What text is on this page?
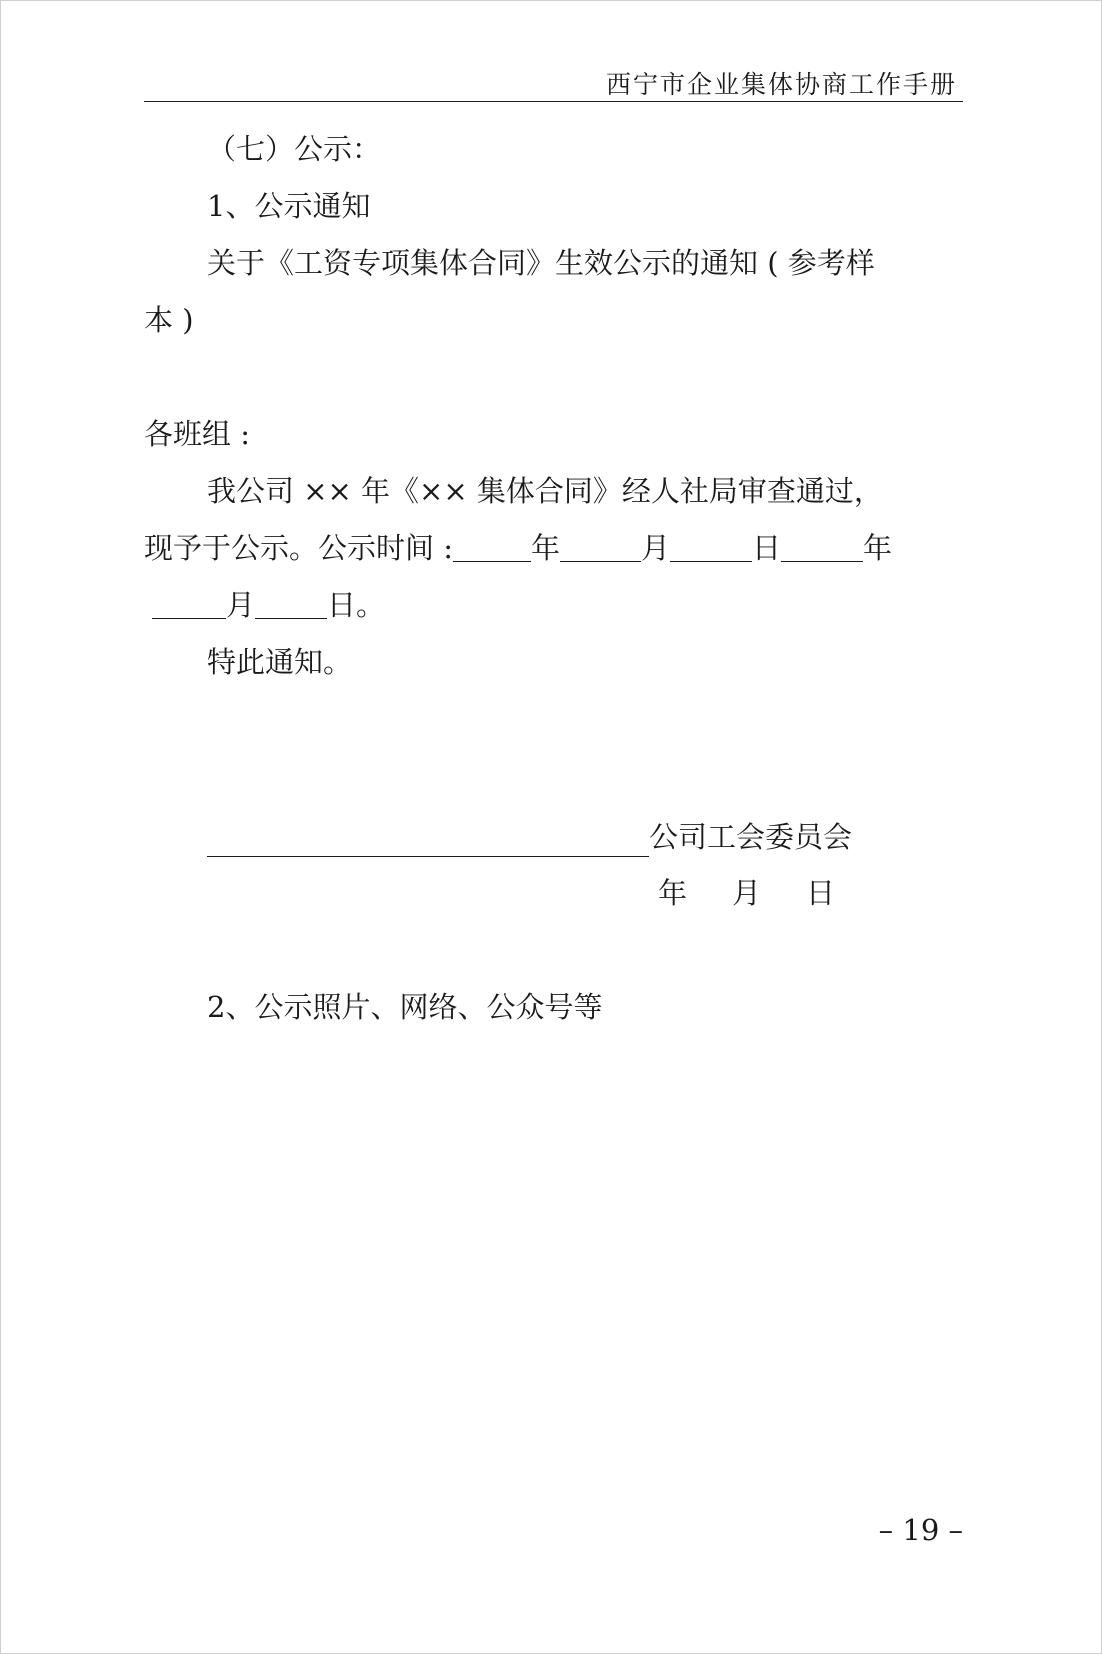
西宁市企业集体协商工作手册
（七）公示：
1、公示通知
关于《工资专项集体合同》生效公示的通知 ( 参考样
本 )
各班组 :
我公司 ×× 年《×× 集体合同》经人社局审查通过，
现予于公示。公示时间 :	年	月	日	年
月 日。
特此通知。
公司工会委员会
年 月 日
2、公示照片、网络、公众号等
– 19 –
